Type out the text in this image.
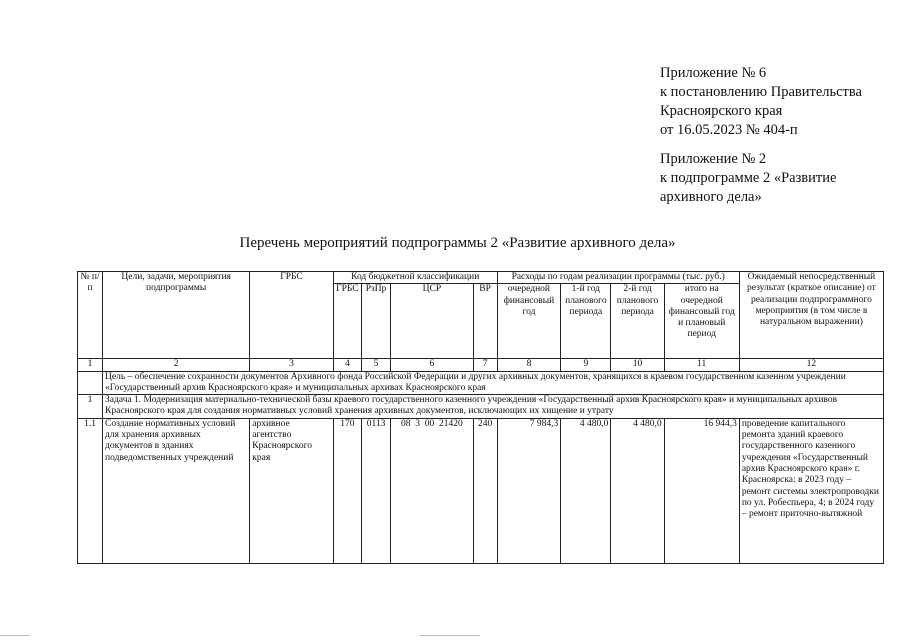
Приложение № 6
к постановлению Правительства
Красноярского края
от 16.05.2023 № 404-п
Приложение № 2
к подпрограмме 2 «Развитие
архивного дела»
Перечень мероприятий подпрограммы 2 «Развитие архивного дела»
№ п/п	Цели, задачи, мероприятия подпрограммы	ГРБС	Код бюджетной классификации				Расходы по годам реализации программы (тыс. руб.)				Ожидаемый непосредственный результат (краткое описание) от реализации подпрограммного мероприятия (в том числе в натуральном выражении)
			ГРБС	РзПр	ЦСР	ВР	очередной финансовый год	1-й год планового периода	2-й год планового периода	итого на очередной финансовый год и плановый период	
1	2	3	4	5	6	7	8	9	10	11	12
	Цель – обеспечение сохранности документов Архивного фонда Российской Федерации и других архивных документов, хранящихся в краевом государственном казенном учреждении «Государственный архив Красноярского края» и муниципальных архивах Красноярского края										
1	Задача 1. Модернизация материально-технической базы краевого государственного казенного учреждения «Государственный архив Красноярского края» и муниципальных архивов Красноярского края для создания нормативных условий хранения архивных документов, исключающих их хищение и утрату										
1.1	Создание нормативных условий для хранения архивных документов в зданиях подведомственных учреждений	архивное агентство Красноярского края	170	0113	08  3  00  21420	240	7 984,3	4 480,0	4 480,0	16 944,3	проведение капитального ремонта зданий краевого государственного казенного учреждения «Государственный архив Красноярского края» г. Красноярска: в 2023 году – ремонт системы электропроводки по ул. Робеспьера, 4; в 2024 году – ремонт приточно-вытяжной
